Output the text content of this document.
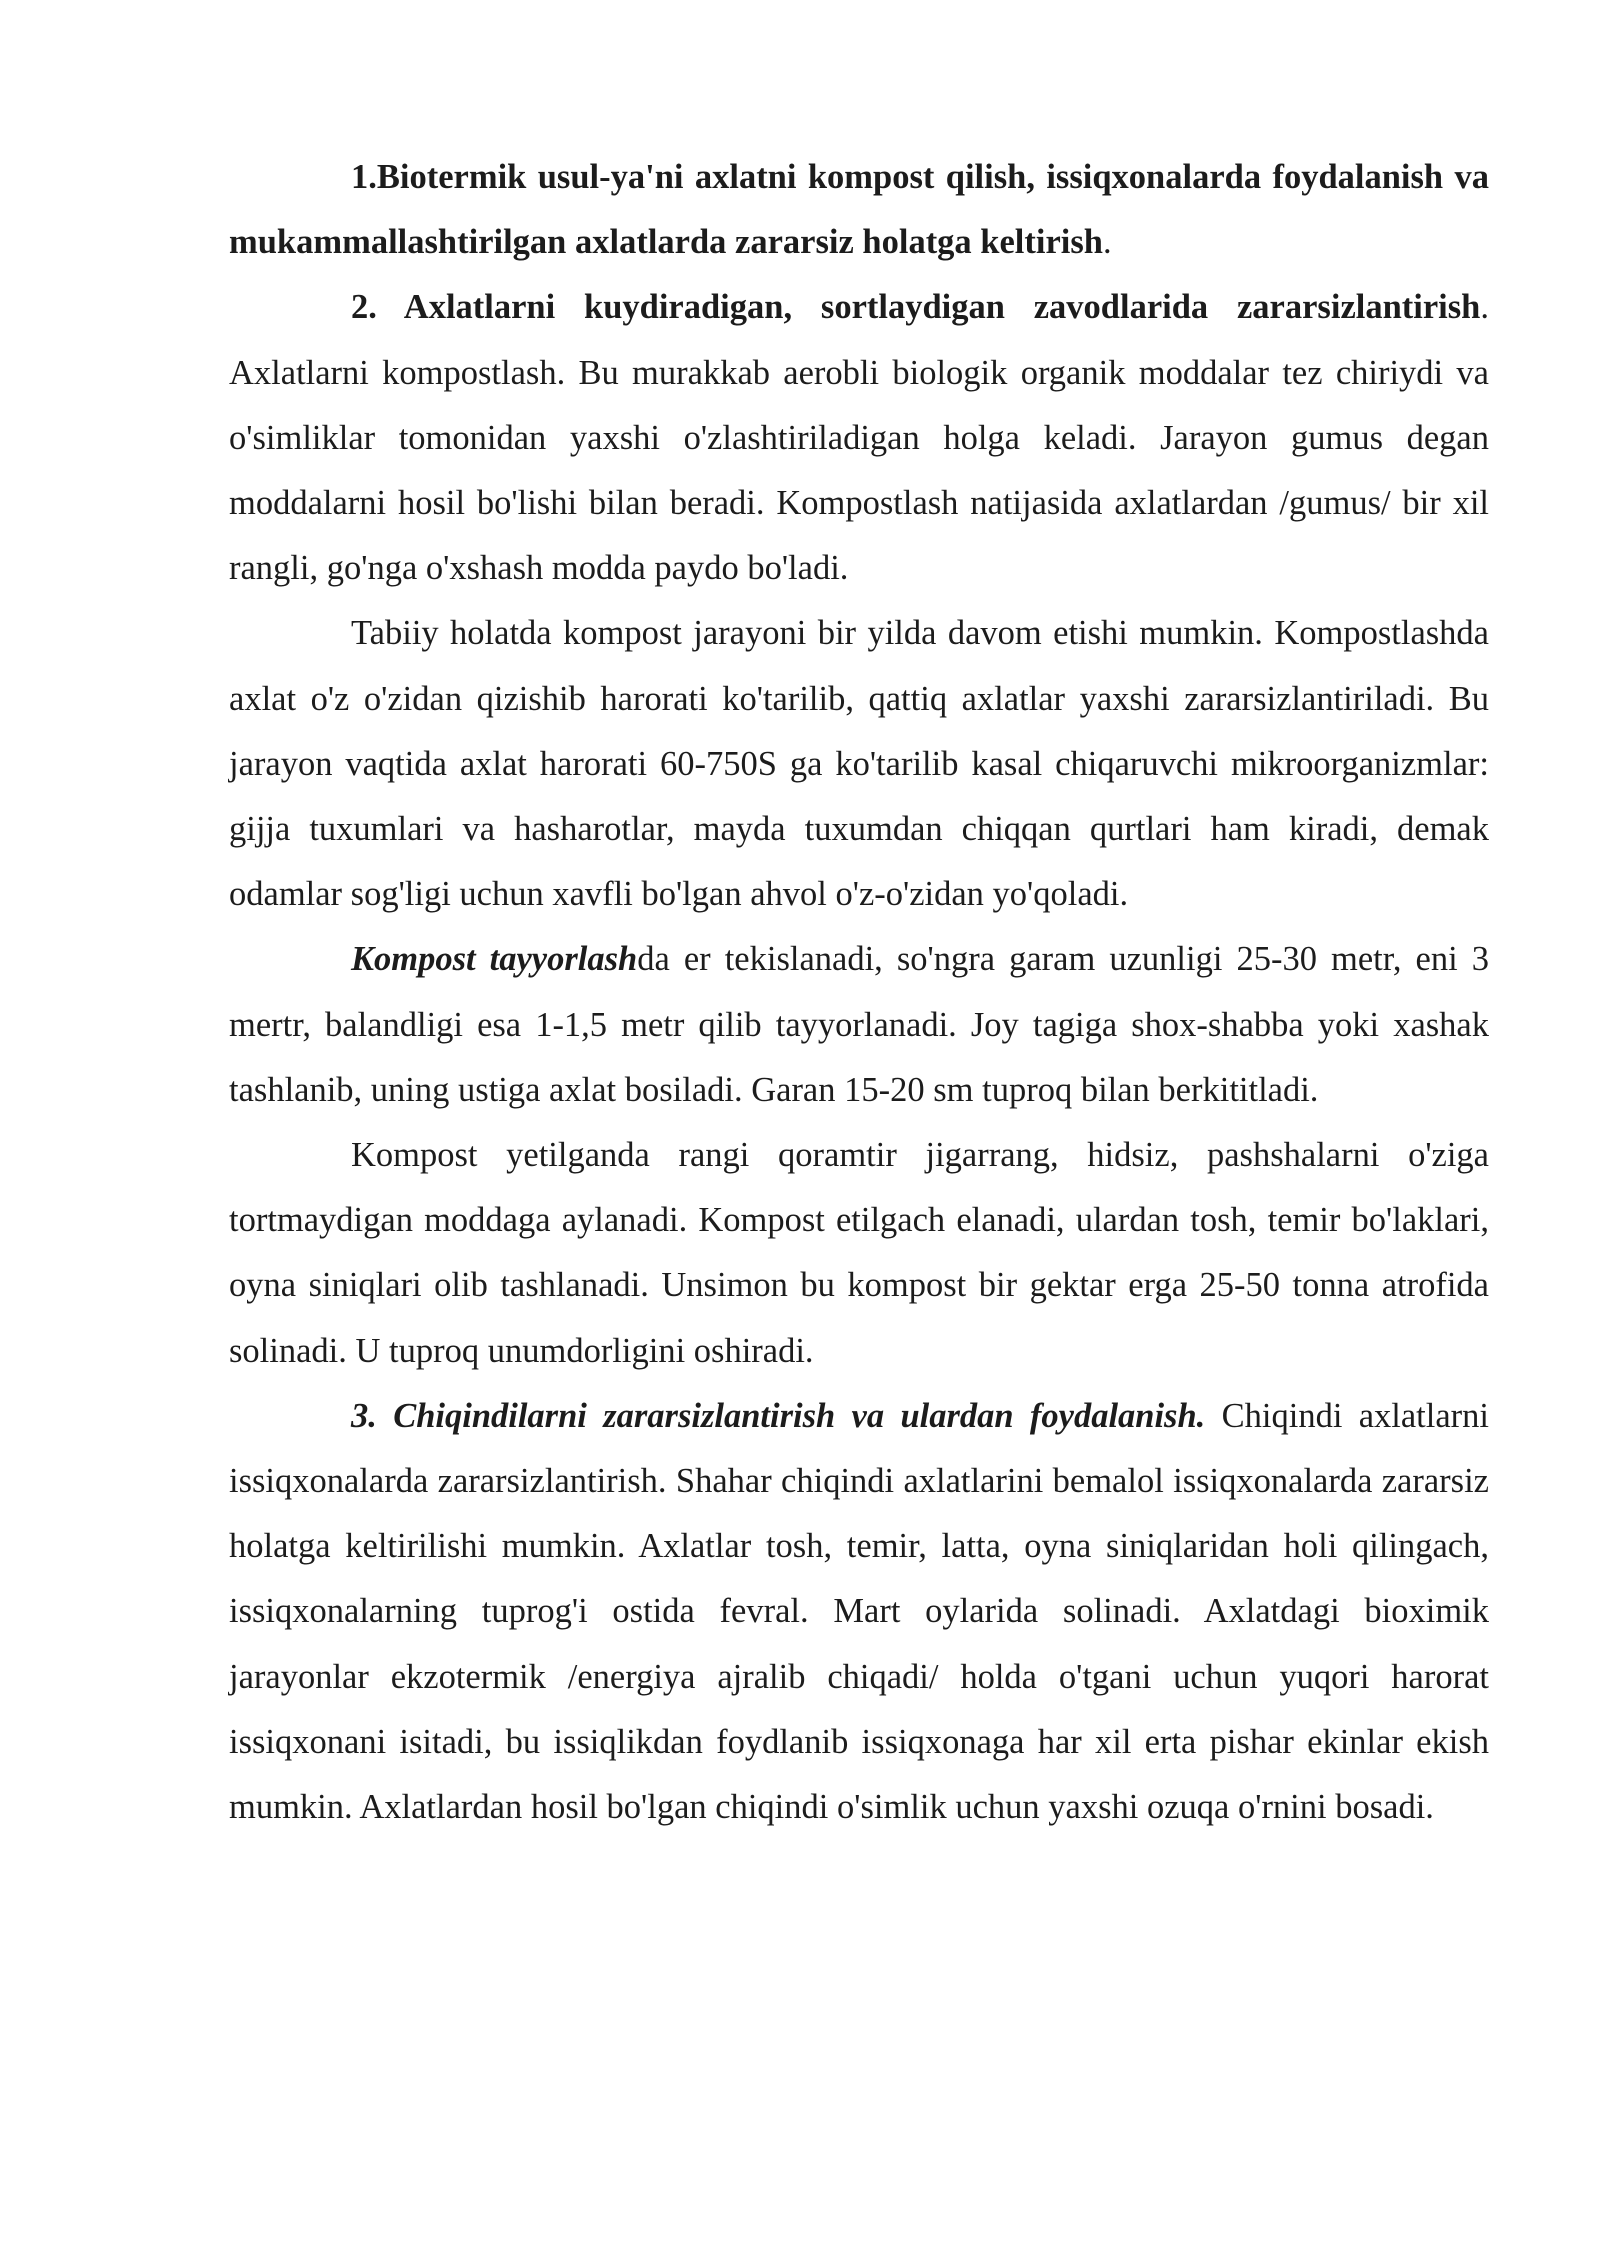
1.Biotermik usul-ya'ni axlatni kompost qilish, issiqxonalarda foydalanish va mukammallashtirilgan axlatlarda zararsiz holatga keltirish.

2. Axlatlarni kuydiradigan, sortlaydigan zavodlarida zararsizlantirish. Axlatlarni kompostlash. Bu murakkab aerobli biologik organik moddalar tez chiriydi va o'simliklar tomonidan yaxshi o'zlashtiriladigan holga keladi. Jarayon gumus degan moddalarni hosil bo'lishi bilan beradi. Kompostlash natijasida axlatlardan /gumus/ bir xil rangli, go'nga o'xshash modda paydo bo'ladi.

Tabiiy holatda kompost jarayoni bir yilda davom etishi mumkin. Kompostlashda axlat o'z o'zidan qizishib harorati ko'tarilib, qattiq axlatlar yaxshi zararsizlantiriladi. Bu jarayon vaqtida axlat harorati 60-750S ga ko'tarilib kasal chiqaruvchi mikroorganizmlar: gijja tuxumlari va hasharotlar, mayda tuxumdan chiqqan qurtlari ham kiradi, demak odamlar sog'ligi uchun xavfli bo'lgan ahvol o'z-o'zidan yo'qoladi.

Kompost tayyorlashda er tekislanadi, so'ngra garam uzunligi 25-30 metr, eni 3 mertr, balandligi esa 1-1,5 metr qilib tayyorlanadi. Joy tagiga shox-shabba yoki xashak tashlanib, uning ustiga axlat bosiladi. Garan 15-20 sm tuproq bilan berkititladi.

Kompost yetilganda rangi qoramtir jigarrang, hidsiz, pashshalarni o'ziga tortmaydigan moddaga aylanadi. Kompost etilgach elanadi, ulardan tosh, temir bo'laklari, oyna siniqlari olib tashlanadi. Unsimon bu kompost bir gektar erga 25-50 tonna atrofida solinadi. U tuproq unumdorligini oshiradi.

3. Chiqindilarni zararsizlantirish va ulardan foydalanish. Chiqindi axlatlarni issiqxonalarda zararsizlantirish. Shahar chiqindi axlatlarini bemalol issiqxonalarda zararsiz holatga keltirilishi mumkin. Axlatlar tosh, temir, latta, oyna siniqlaridan holi qilingach, issiqxonalarning tuprog'i ostida fevral. Mart oylarida solinadi. Axlatdagi bioximik jarayonlar ekzotermik /energiya ajralib chiqadi/ holda o'tgani uchun yuqori harorat issiqxonani isitadi, bu issiqlikdan foydlanib issiqxonaga har xil erta pishar ekinlar ekish mumkin. Axlatlardan hosil bo'lgan chiqindi o'simlik uchun yaxshi ozuqa o'rnini bosadi.
